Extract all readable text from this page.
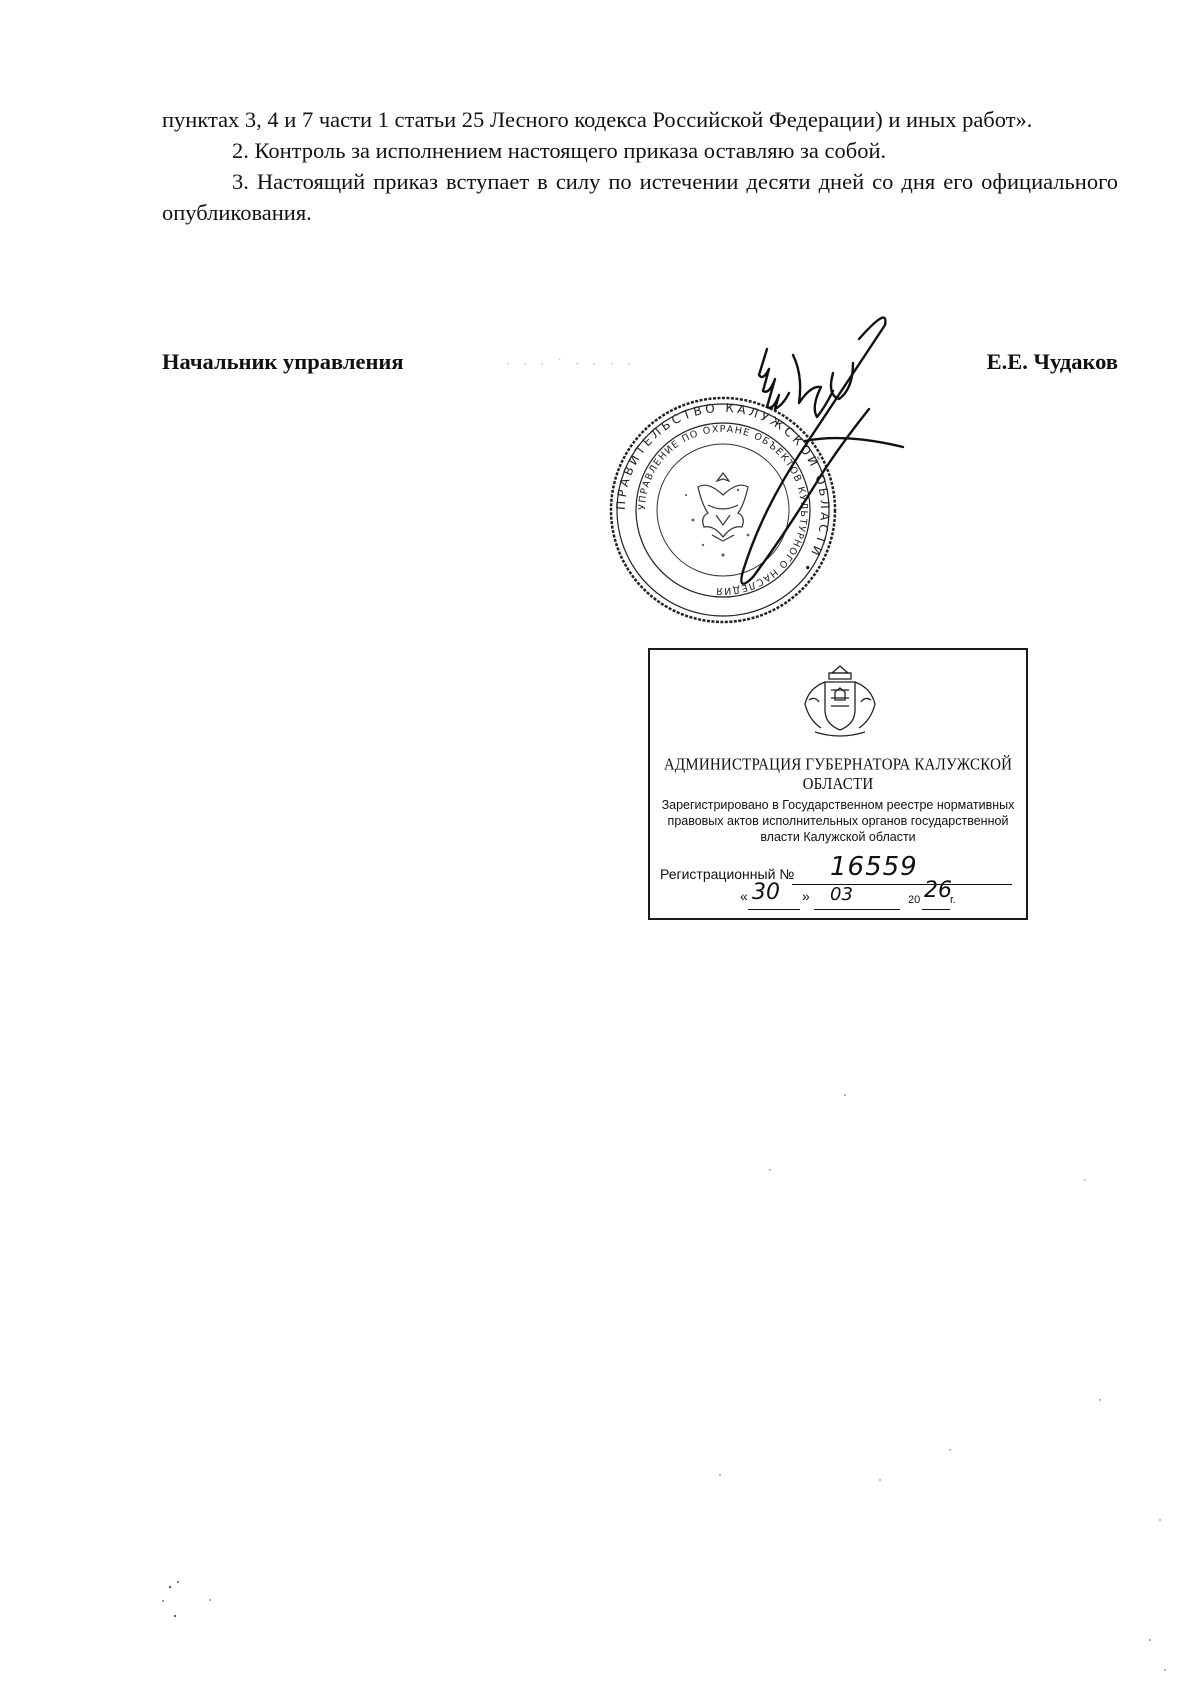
пунктах 3, 4 и 7 части 1 статьи 25 Лесного кодекса Российской Федерации) и иных работ».

2. Контроль за исполнением настоящего приказа оставляю за собой.

3. Настоящий приказ вступает в силу по истечении десяти дней со дня его официального опубликования.

· · · ˙ · · · ·
ПРАВИТЕЛЬСТВО КАЛУЖСКОЙ ОБЛАСТИ •
УПРАВЛЕНИЕ ПО ОХРАНЕ ОБЪЕКТОВ КУЛЬТУРНОГО НАСЛЕДИЯ
Начальник управления	Е.Е. Чудаков
АДМИНИСТРАЦИЯ ГУБЕРНАТОРА КАЛУЖСКОЙ ОБЛАСТИ
Зарегистрировано в Государственном реестре нормативных правовых актов исполнительных органов государственной власти Калужской области
Регистрационный № 16559
« 30 » 03	20 26
г.
